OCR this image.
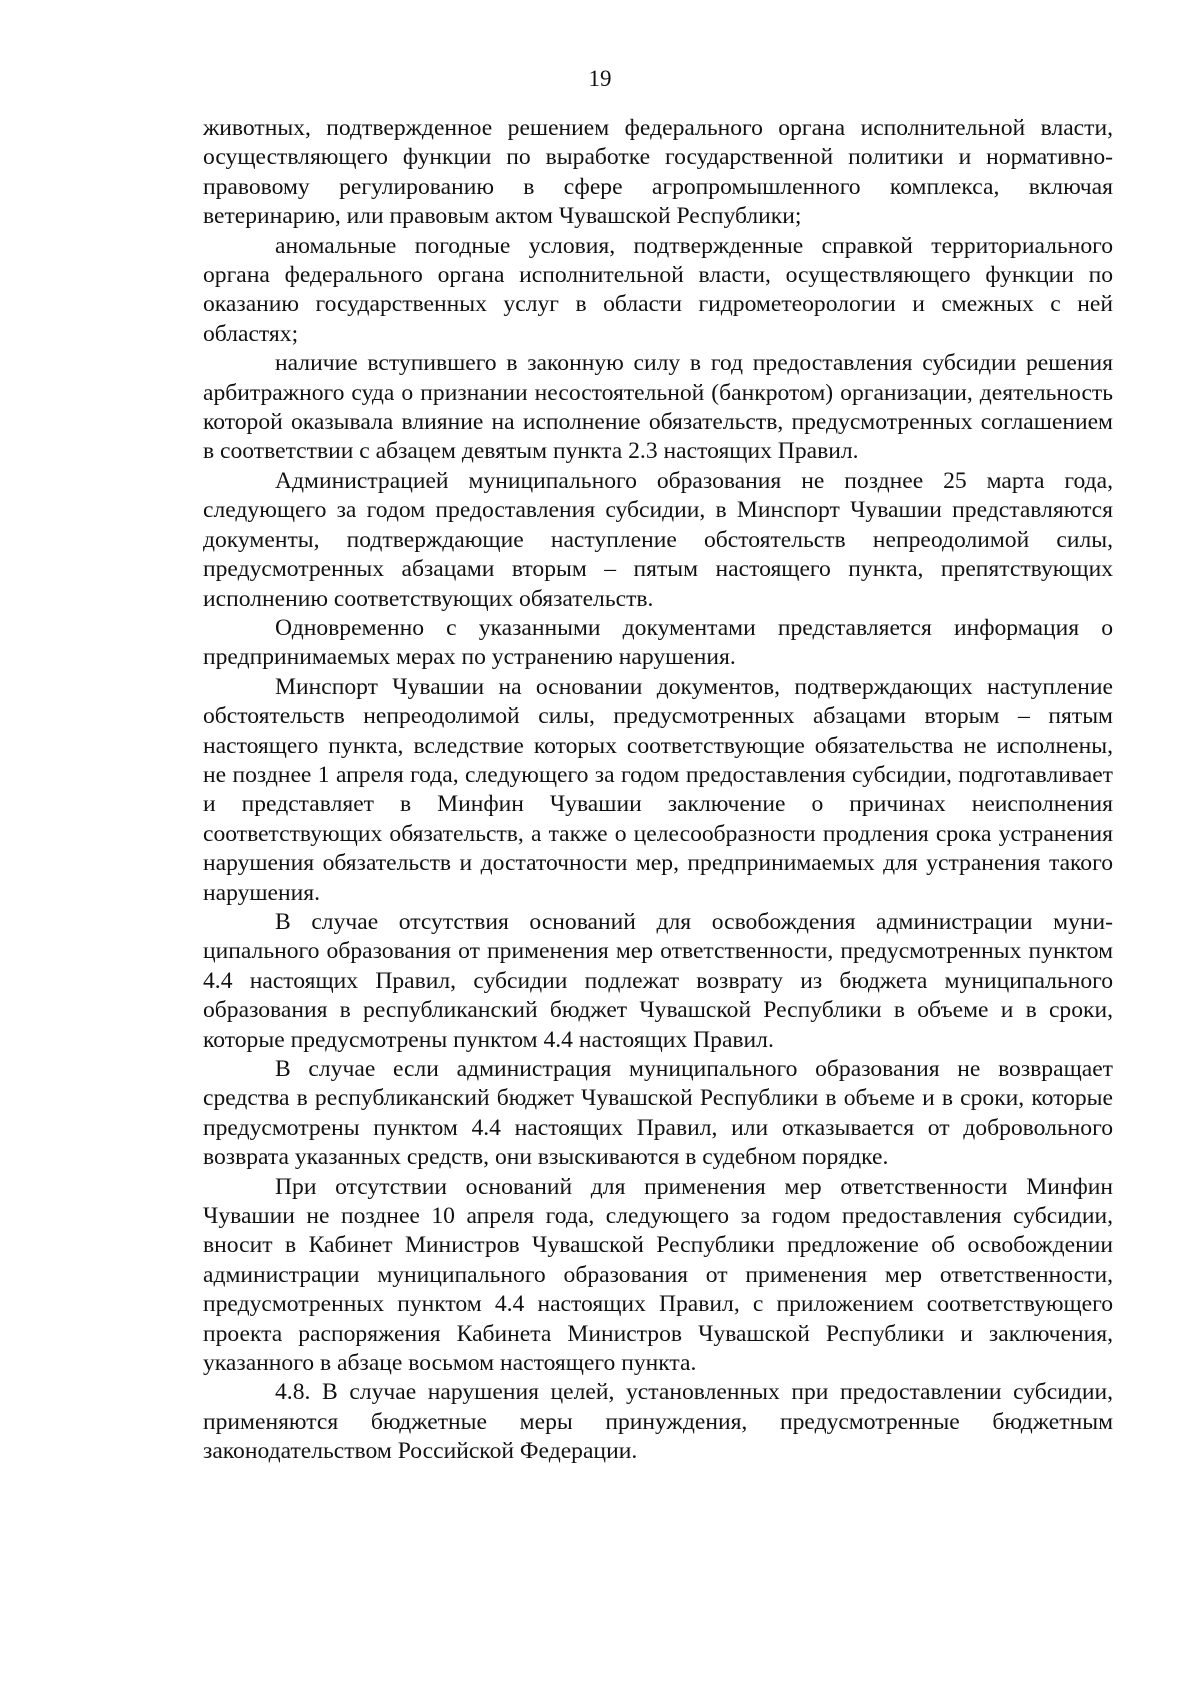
19

животных, подтвержденное решением федерального органа исполнительной власти, осуществляющего функции по выработке государственной политики и нормативно-правовому регулированию в сфере агропромышленного комплекса, включая ветеринарию, или правовым актом Чувашской Республики;

аномальные погодные условия, подтвержденные справкой территориального органа федерального органа исполнительной власти, осуществляющего функции по оказанию государственных услуг в области гидрометеорологии и смежных с ней областях;

наличие вступившего в законную силу в год предоставления субсидии решения арбитражного суда о признании несостоятельной (банкротом) организации, деятельность которой оказывала влияние на исполнение обязательств, предусмотренных соглашением в соответствии с абзацем девятым пункта 2.3 настоящих Правил.

Администрацией муниципального образования не позднее 25 марта года, следующего за годом предоставления субсидии, в Минспорт Чувашии представляются документы, подтверждающие наступление обстоятельств непреодолимой силы, предусмотренных абзацами вторым – пятым настоящего пункта, препятствующих исполнению соответствующих обязательств.

Одновременно с указанными документами представляется информация о предпринимаемых мерах по устранению нарушения.

Минспорт Чувашии на основании документов, подтверждающих наступление обстоятельств непреодолимой силы, предусмотренных абзацами вторым – пятым настоящего пункта, вследствие которых соответствующие обязательства не исполнены, не позднее 1 апреля года, следующего за годом предоставления субсидии, подготавливает и представляет в Минфин Чувашии заключение о причинах неисполнения соответствующих обязательств, а также о целесообразности продления срока устранения нарушения обязательств и достаточности мер, предпринимаемых для устранения такого нарушения.

В случае отсутствия оснований для освобождения администрации муниципального образования от применения мер ответственности, предусмотренных пунктом 4.4 настоящих Правил, субсидии подлежат возврату из бюджета муниципального образования в республиканский бюджет Чувашской Республики в объеме и в сроки, которые предусмотрены пунктом 4.4 настоящих Правил.

В случае если администрация муниципального образования не возвращает средства в республиканский бюджет Чувашской Республики в объеме и в сроки, которые предусмотрены пунктом 4.4 настоящих Правил, или отказывается от добровольного возврата указанных средств, они взыскиваются в судебном порядке.

При отсутствии оснований для применения мер ответственности Минфин Чувашии не позднее 10 апреля года, следующего за годом предоставления субсидии, вносит в Кабинет Министров Чувашской Республики предложение об освобождении администрации муниципального образования от применения мер ответственности, предусмотренных пунктом 4.4 настоящих Правил, с приложением соответствующего проекта распоряжения Кабинета Министров Чувашской Республики и заключения, указанного в абзаце восьмом настоящего пункта.

4.8. В случае нарушения целей, установленных при предоставлении субсидии, применяются бюджетные меры принуждения, предусмотренные бюджетным законодательством Российской Федерации.
